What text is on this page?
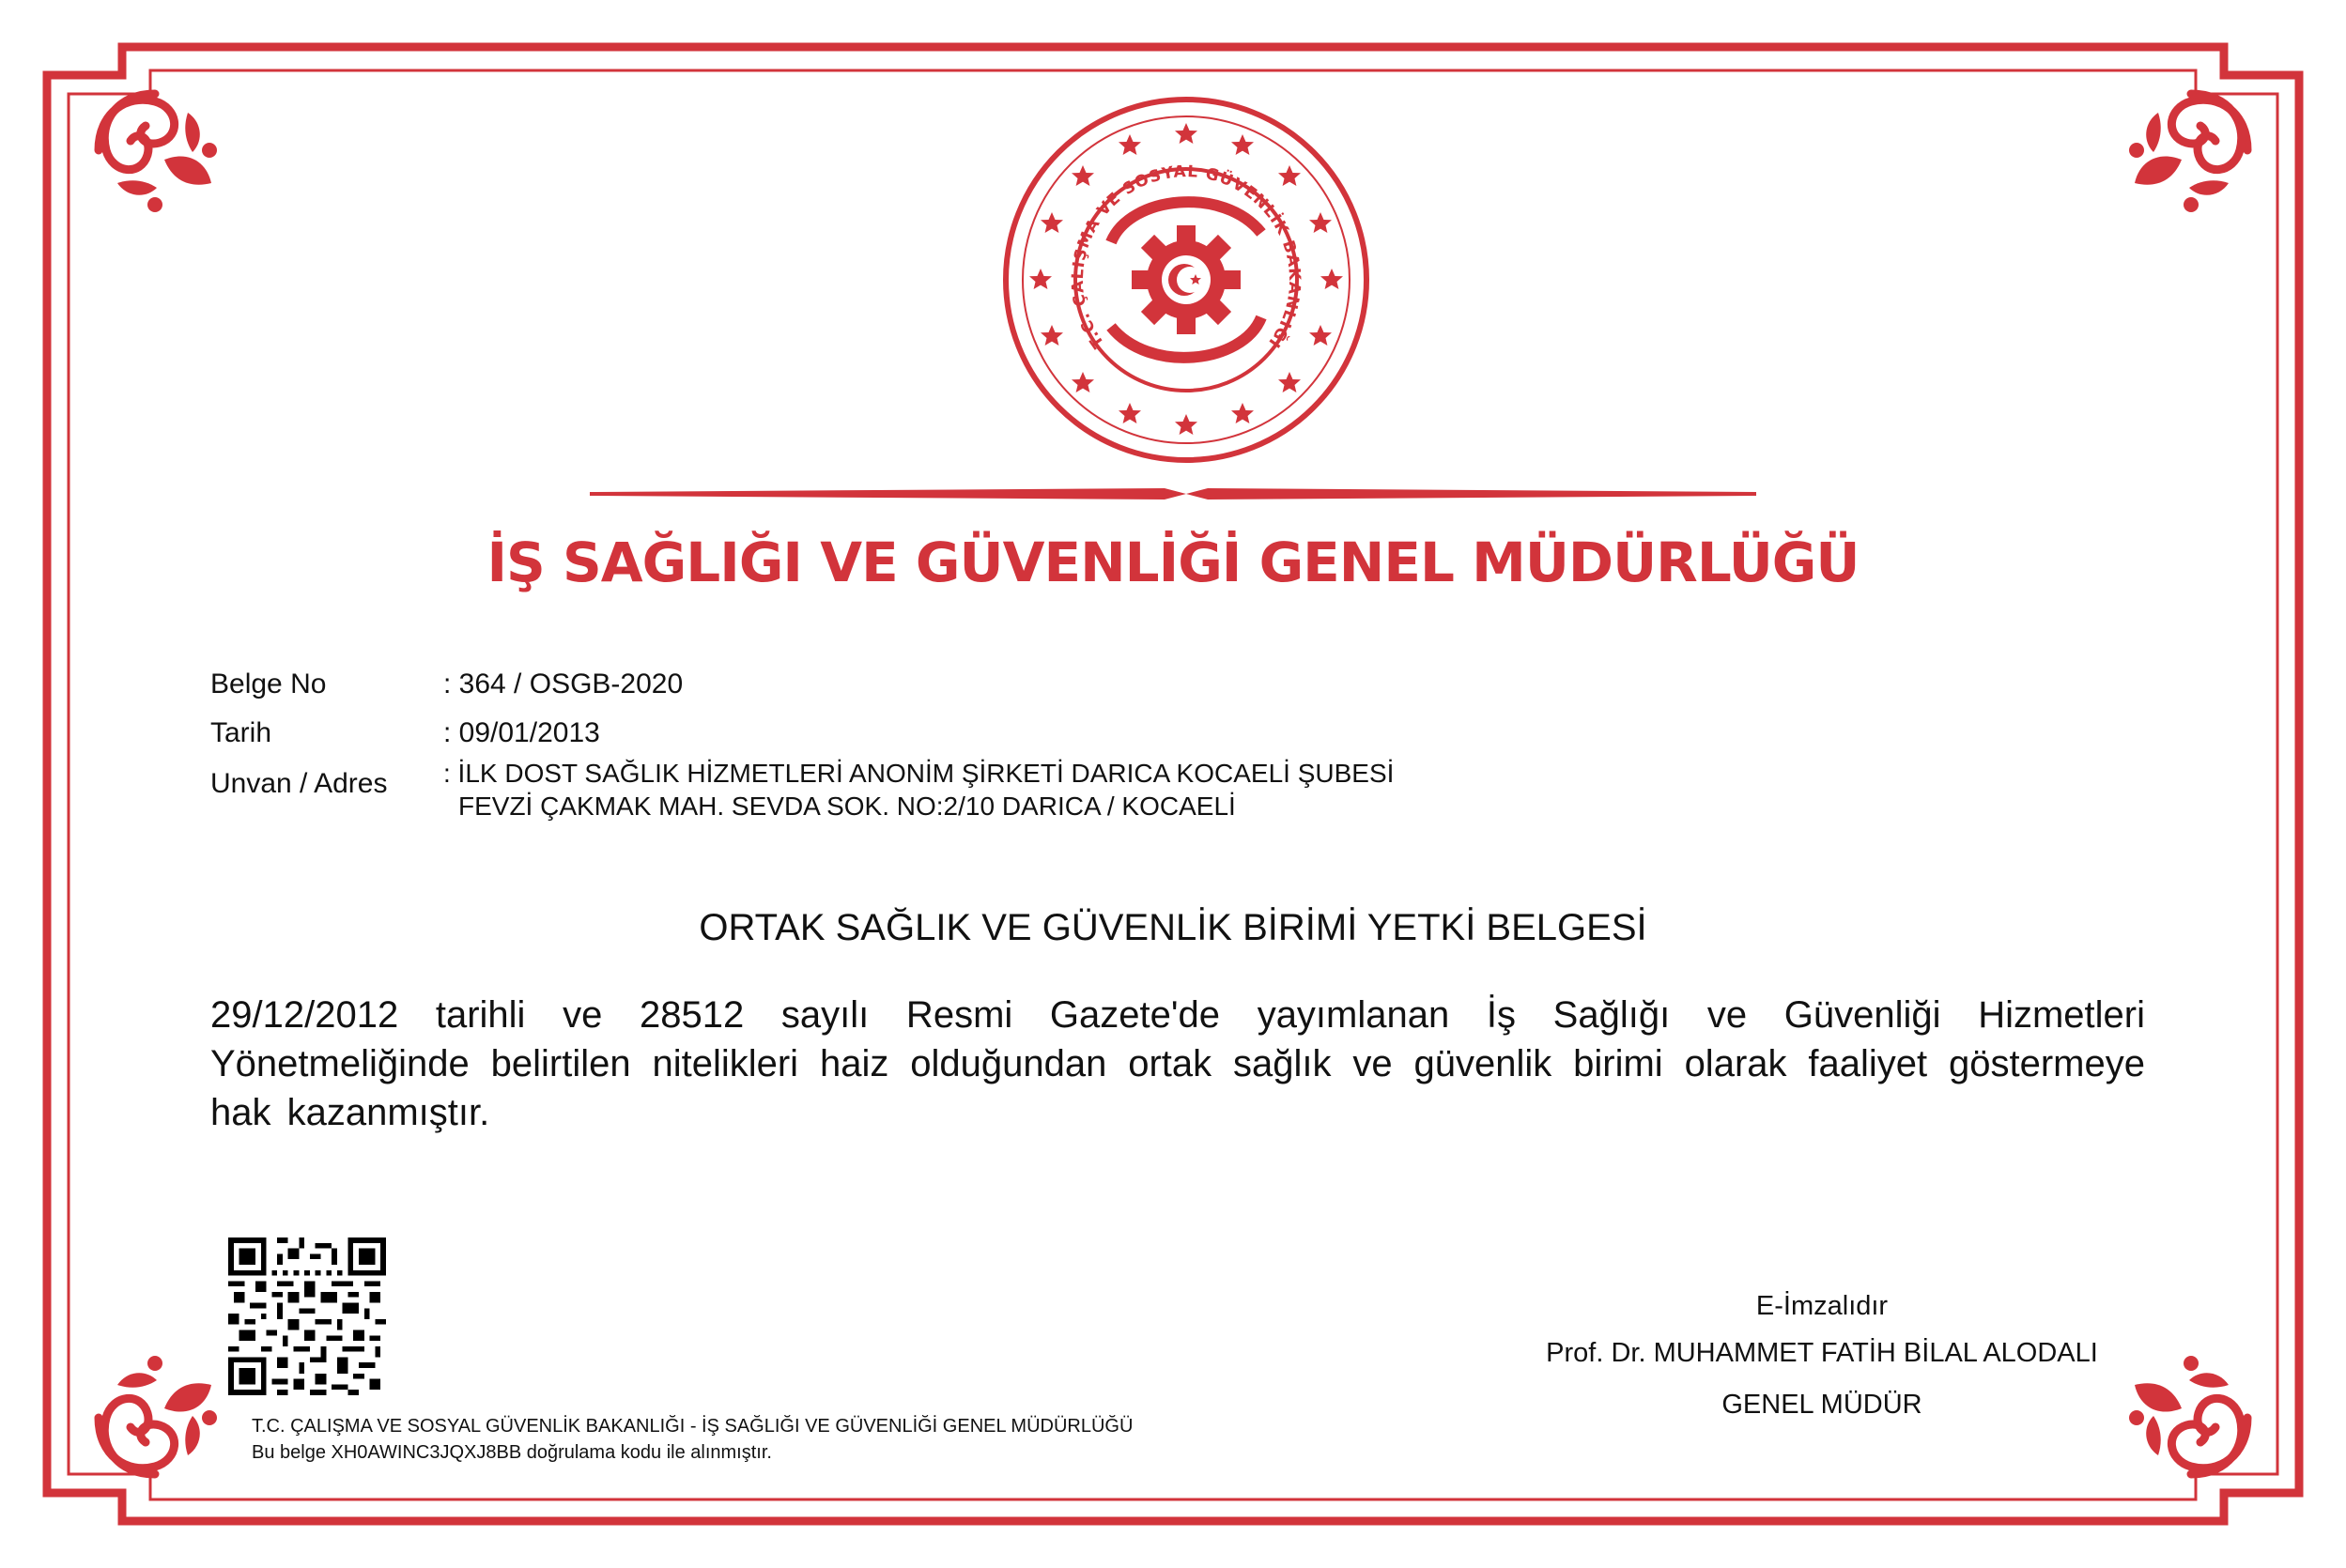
T.C. ÇALIŞMA VE SOSYAL GÜVENLİK BAKANLIĞI
İŞ SAĞLIĞI VE GÜVENLİĞİ GENEL MÜDÜRLÜĞÜ
Belge No	: 364 / OSGB-2020
Tarih	: 09/01/2013
Unvan / Adres : İLK DOST SAĞLIK HİZMETLERİ ANONİM ŞİRKETİ DARICA KOCAELİ ŞUBESİ
FEVZİ ÇAKMAK MAH. SEVDA SOK. NO:2/10 DARICA / KOCAELİ
ORTAK SAĞLIK VE GÜVENLİK BİRİMİ YETKİ BELGESİ
29/12/2012 tarihli ve 28512 sayılı Resmi Gazete'de yayımlanan İş Sağlığı ve Güvenliği Hizmetleri Yönetmeliğinde belirtilen nitelikleri haiz olduğundan ortak sağlık ve güvenlik birimi olarak faaliyet göstermeye hak kazanmıştır.
T.C. ÇALIŞMA VE SOSYAL GÜVENLİK BAKANLIĞI - İŞ SAĞLIĞI VE GÜVENLİĞİ GENEL MÜDÜRLÜĞÜ
Bu belge XH0AWINC3JQXJ8BB doğrulama kodu ile alınmıştır.
E-İmzalıdır
Prof. Dr. MUHAMMET FATİH BİLAL ALODALI
GENEL MÜDÜR
